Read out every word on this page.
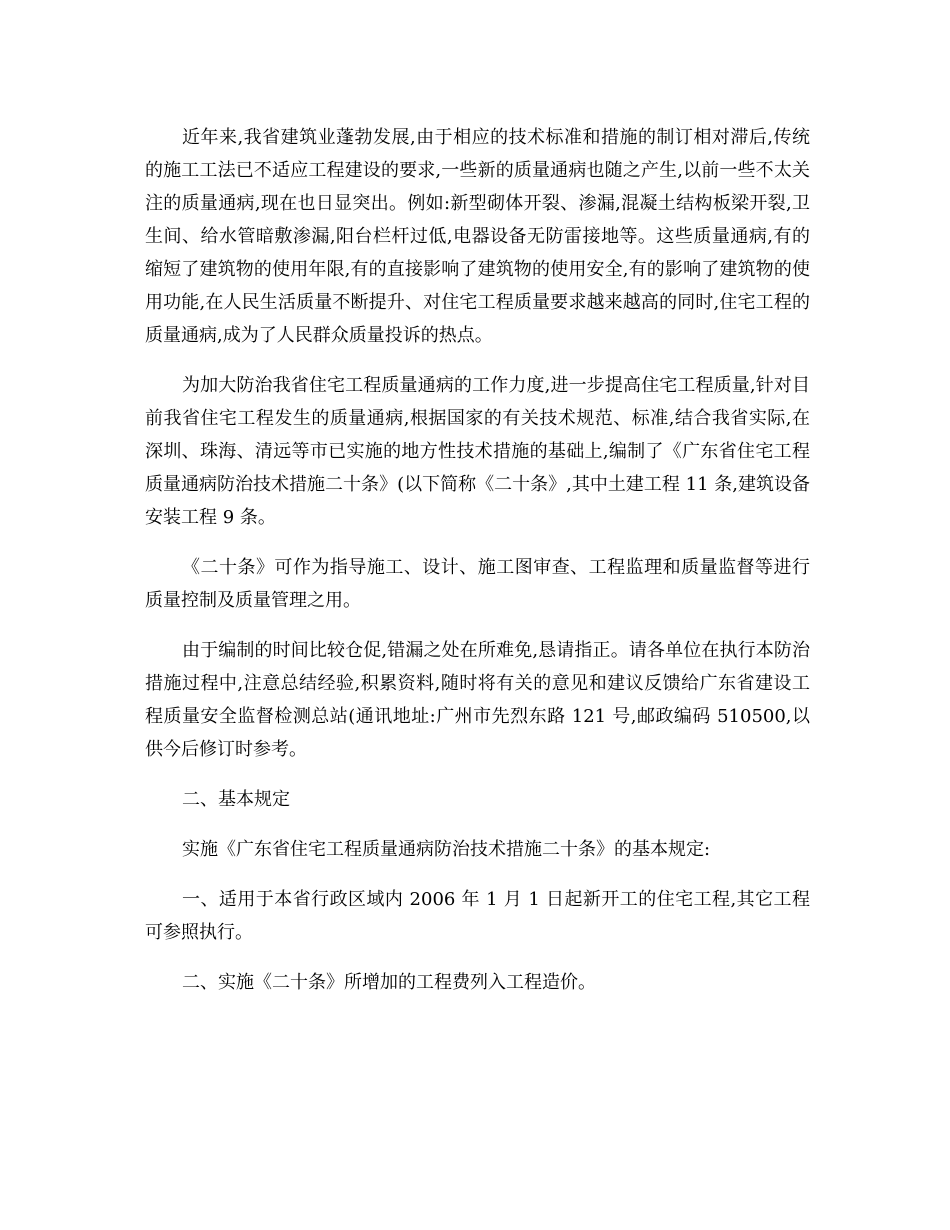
近年来,我省建筑业蓬勃发展,由于相应的技术标准和措施的制订相对滞后,传统的施工工法已不适应工程建设的要求,一些新的质量通病也随之产生,以前一些不太关注的质量通病,现在也日显突出。例如:新型砌体开裂、渗漏,混凝土结构板梁开裂,卫生间、给水管暗敷渗漏,阳台栏杆过低,电器设备无防雷接地等。这些质量通病,有的缩短了建筑物的使用年限,有的直接影响了建筑物的使用安全,有的影响了建筑物的使用功能,在人民生活质量不断提升、对住宅工程质量要求越来越高的同时,住宅工程的质量通病,成为了人民群众质量投诉的热点。

为加大防治我省住宅工程质量通病的工作力度,进一步提高住宅工程质量,针对目前我省住宅工程发生的质量通病,根据国家的有关技术规范、标准,结合我省实际,在深圳、珠海、清远等市已实施的地方性技术措施的基础上,编制了《广东省住宅工程质量通病防治技术措施二十条》(以下简称《二十条》,其中土建工程 11 条,建筑设备安装工程 9 条。

《二十条》可作为指导施工、设计、施工图审查、工程监理和质量监督等进行质量控制及质量管理之用。

由于编制的时间比较仓促,错漏之处在所难免,恳请指正。请各单位在执行本防治措施过程中,注意总结经验,积累资料,随时将有关的意见和建议反馈给广东省建设工程质量安全监督检测总站(通讯地址:广州市先烈东路 121 号,邮政编码 510500,以供今后修订时参考。

二、基本规定

实施《广东省住宅工程质量通病防治技术措施二十条》的基本规定:

一、适用于本省行政区域内 2006 年 1 月 1 日起新开工的住宅工程,其它工程可参照执行。

二、实施《二十条》所增加的工程费列入工程造价。
